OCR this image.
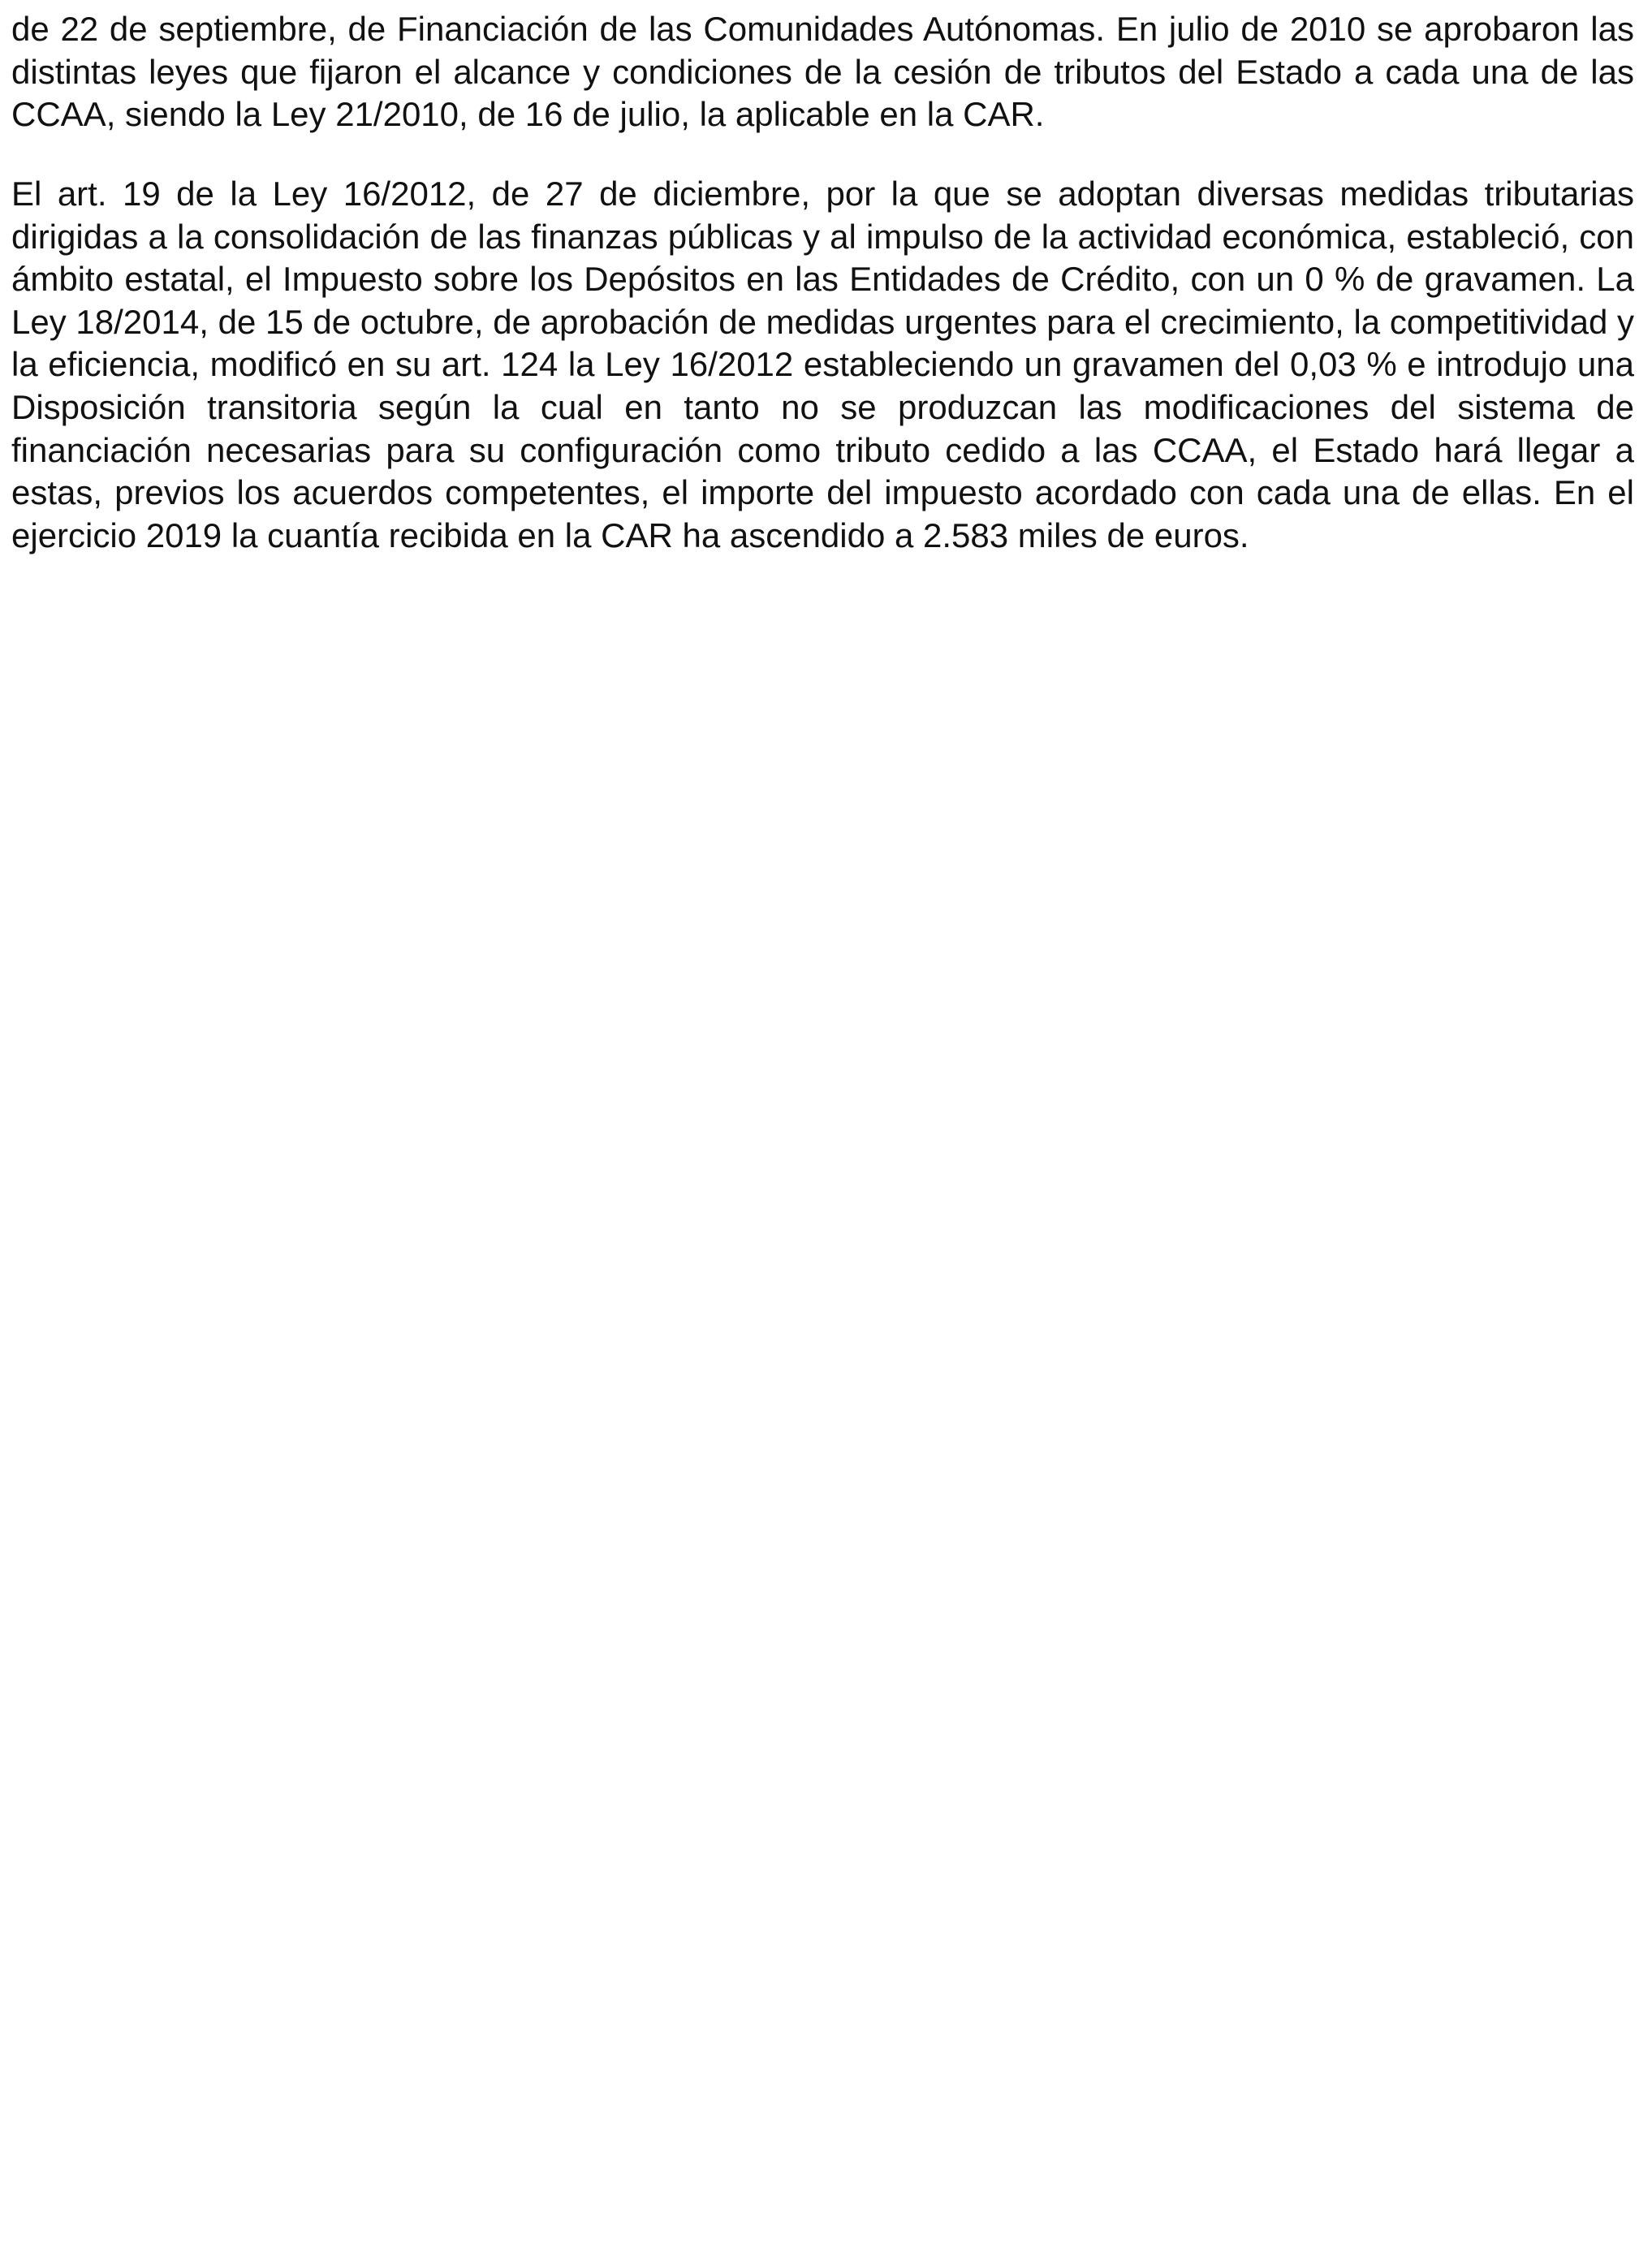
de 22 de septiembre, de Financiación de las Comunidades Autónomas. En julio de 2010 se aprobaron las distintas leyes que fijaron el alcance y condiciones de la cesión de tributos del Estado a cada una de las CCAA, siendo la Ley 21/2010, de 16 de julio, la aplicable en la CAR.

El art. 19 de la Ley 16/2012, de 27 de diciembre, por la que se adoptan diversas medidas tributarias dirigidas a la consolidación de las finanzas públicas y al impulso de la actividad económica, estableció, con ámbito estatal, el Impuesto sobre los Depósitos en las Entidades de Crédito, con un 0 % de gravamen. La Ley 18/2014, de 15 de octubre, de aprobación de medidas urgentes para el crecimiento, la competitividad y la eficiencia, modificó en su art. 124 la Ley 16/2012 estableciendo un gravamen del 0,03 % e introdujo una Disposición transitoria según la cual en tanto no se produzcan las modificaciones del sistema de financiación necesarias para su configuración como tributo cedido a las CCAA, el Estado hará llegar a estas, previos los acuerdos competentes, el importe del impuesto acordado con cada una de ellas. En el ejercicio 2019 la cuantía recibida en la CAR ha ascendido a 2.583 miles de euros.
